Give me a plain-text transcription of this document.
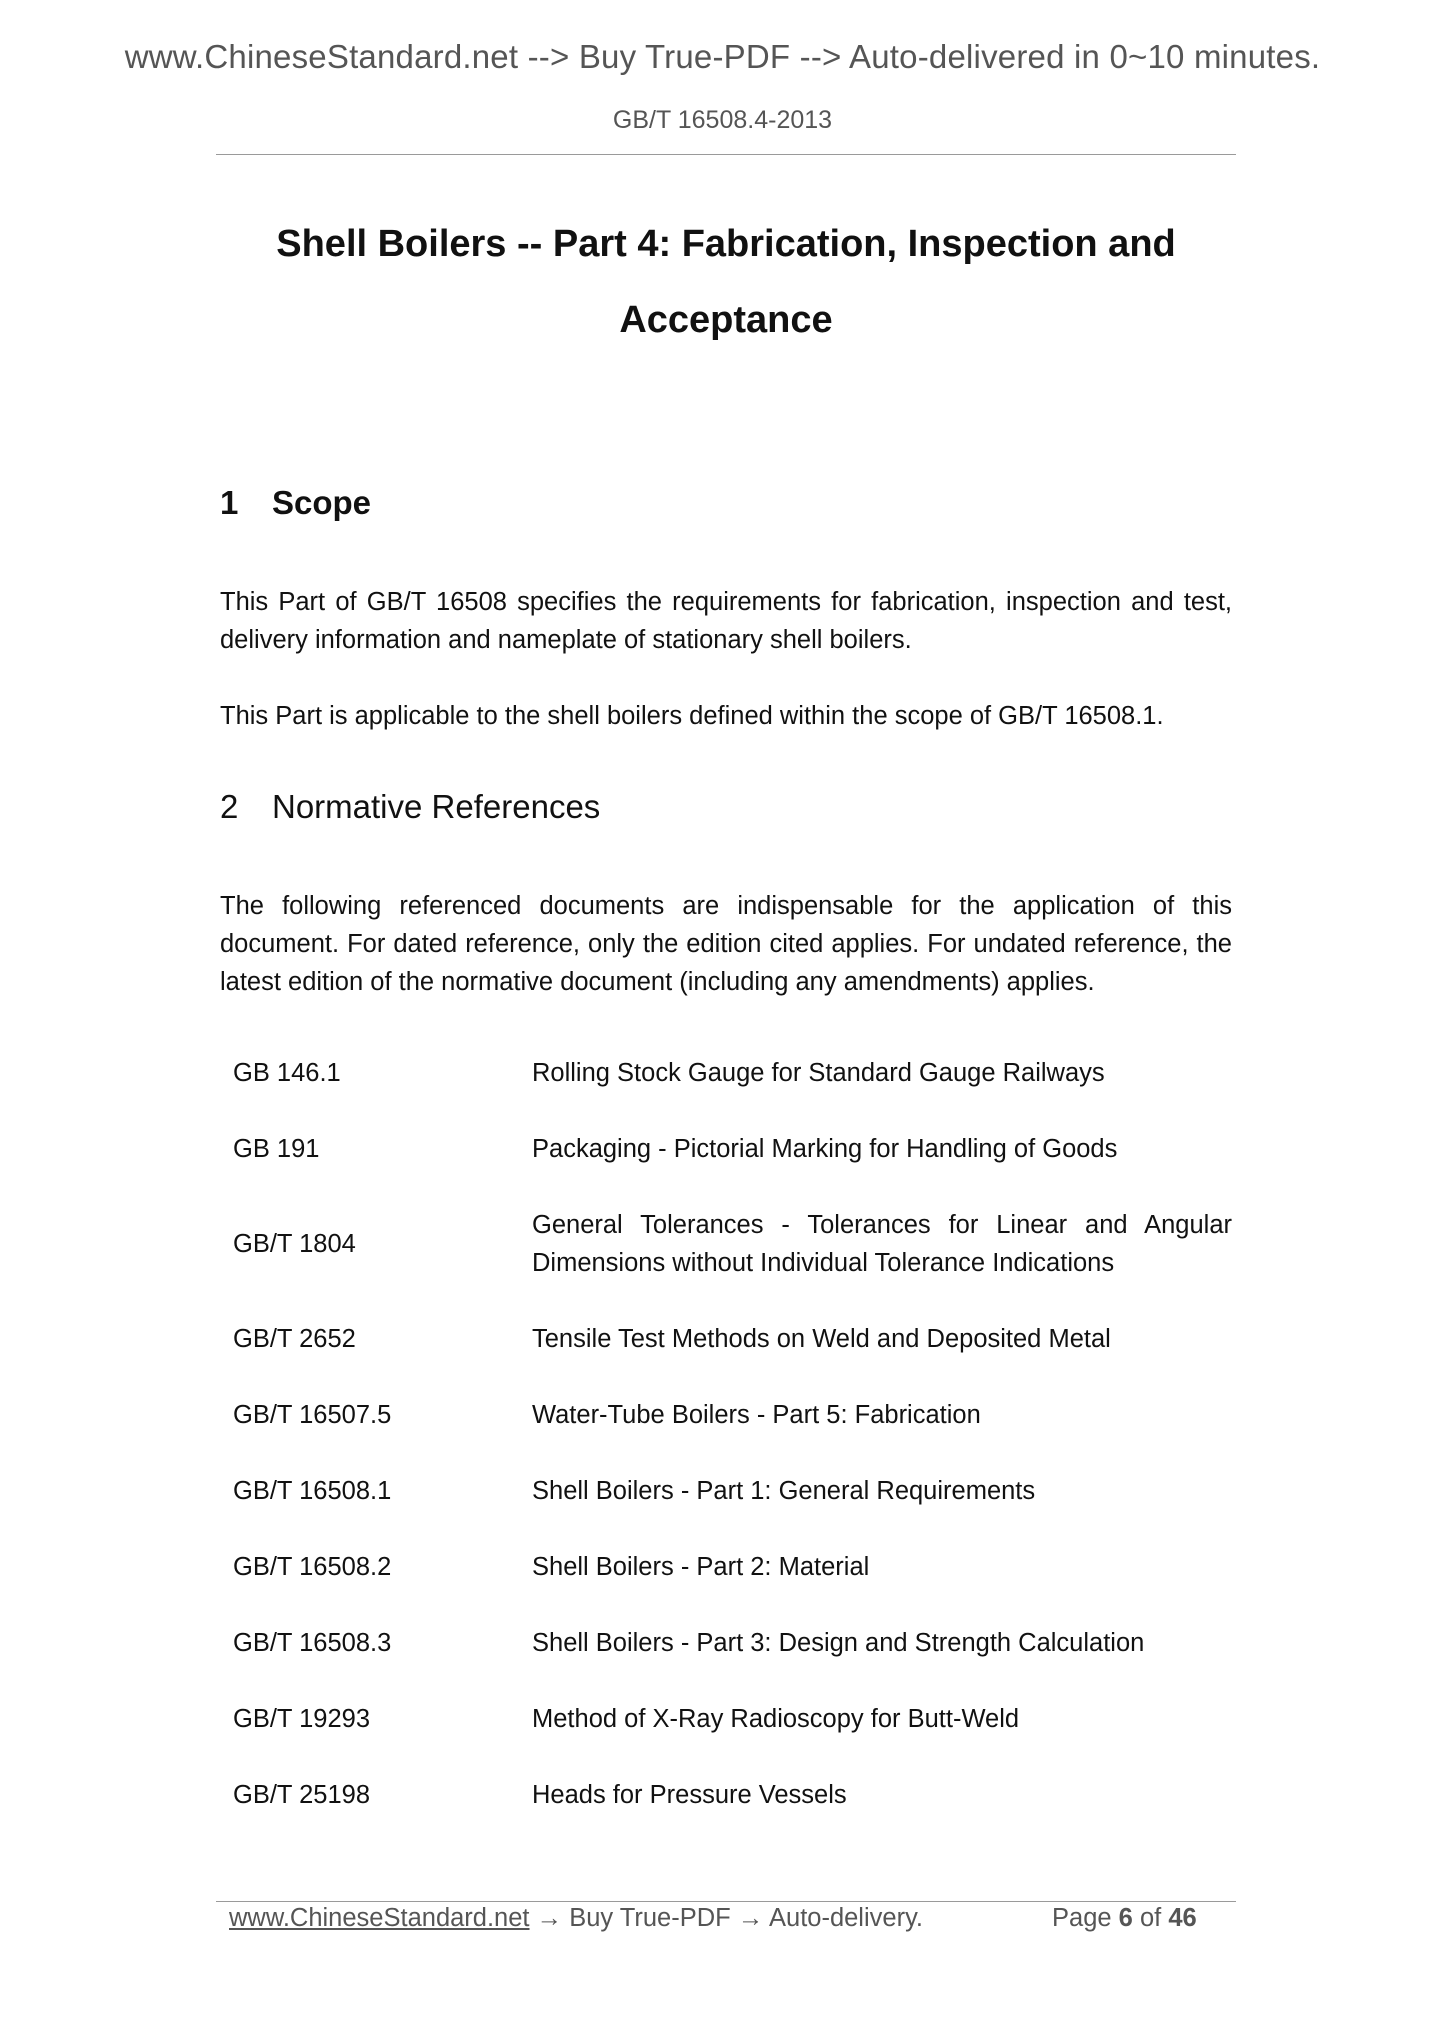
www.ChineseStandard.net --> Buy True-PDF --> Auto-delivered in 0~10 minutes.
GB/T 16508.4-2013
Shell Boilers -- Part 4: Fabrication, Inspection and
Acceptance
1 Scope

This Part of GB/T 16508 specifies the requirements for fabrication, inspection and test, delivery information and nameplate of stationary shell boilers.

This Part is applicable to the shell boilers defined within the scope of GB/T 16508.1.

2 Normative References

The following referenced documents are indispensable for the application of this document. For dated reference, only the edition cited applies. For undated reference, the latest edition of the normative document (including any amendments) applies.

GB 146.1	Rolling Stock Gauge for Standard Gauge Railways
GB 191	Packaging - Pictorial Marking for Handling of Goods
GB/T 1804	General Tolerances - Tolerances for Linear and Angular Dimensions without Individual Tolerance Indications
GB/T 2652	Tensile Test Methods on Weld and Deposited Metal
GB/T 16507.5	Water-Tube Boilers - Part 5: Fabrication
GB/T 16508.1	Shell Boilers - Part 1: General Requirements
GB/T 16508.2	Shell Boilers - Part 2: Material
GB/T 16508.3	Shell Boilers - Part 3: Design and Strength Calculation
GB/T 19293	Method of X-Ray Radioscopy for Butt-Weld
GB/T 25198	Heads for Pressure Vessels
www.ChineseStandard.net → Buy True-PDF → Auto-delivery.	Page 6 of 46
